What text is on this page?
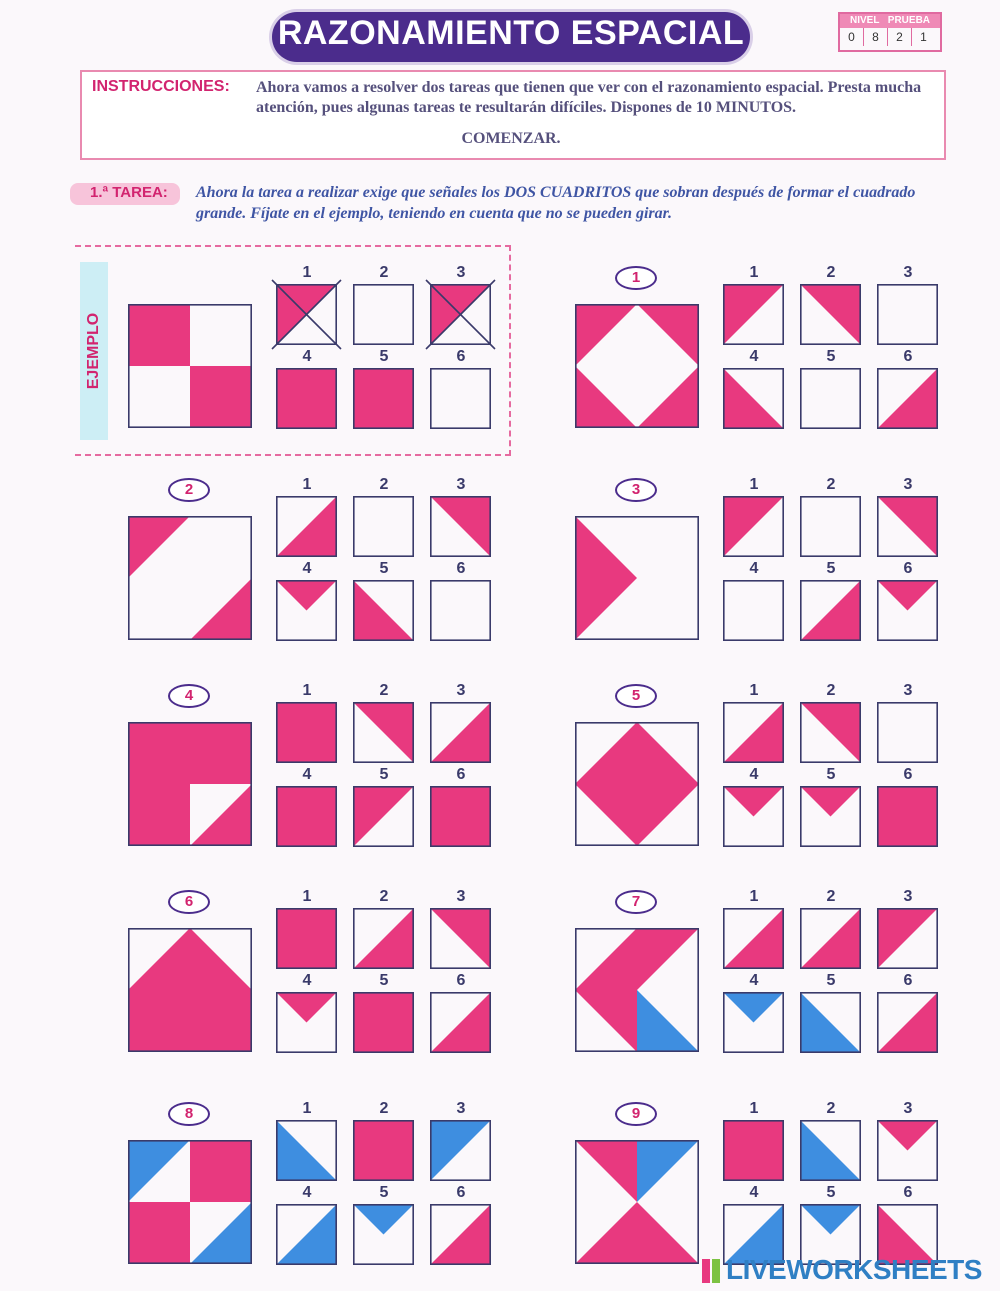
RAZONAMIENTO ESPACIAL	NIVEL PRUEBA
0 8 2 1
INSTRUCCIONES: Ahora vamos a resolver dos tareas que tienen que ver con el razonamiento espacial. Presta mucha atención, pues algunas tareas te resultarán difíciles. Dispones de 10 MINUTOS.
COMENZAR.
1.ª TAREA: Ahora la tarea a realizar exige que señales los DOS CUADRITOS que sobran después de formar el cuadrado grande. Fíjate en el ejemplo, teniendo en cuenta que no se pueden girar.
EJEMPLO
1	2	3
4	5	6
1	1	2	3
4	5	6
2	1	2	3
4	5	6
3	1	2	3
4	5	6
4	1	2	3
4	5	6
5	1	2	3
4	5	6
6	1	2	3
4	5	6
7	1	2	3
4	5	6
8	1	2	3
4	5	6
9	1	2	3
4	5	6
LIVEWORKSHEETS
